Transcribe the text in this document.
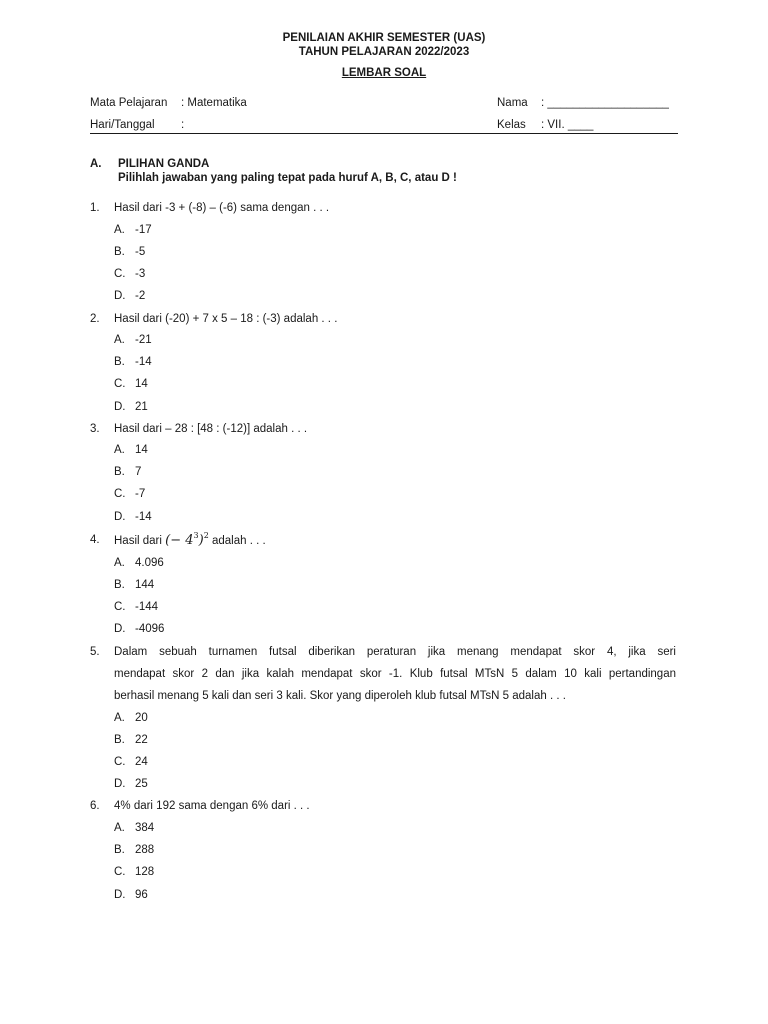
PENILAIAN AKHIR SEMESTER (UAS)
TAHUN PELAJARAN 2022/2023
LEMBAR SOAL
Mata Pelajaran : Matematika
Hari/Tanggal :
Nama : ___________________
Kelas : VII. ____
A. PILIHAN GANDA
Pilihlah jawaban yang paling tepat pada huruf A, B, C, atau D !
1. Hasil dari -3 + (-8) – (-6) sama dengan . . .
A. -17
B. -5
C. -3
D. -2
2. Hasil dari (-20) + 7 x 5 – 18 : (-3) adalah . . .
A. -21
B. -14
C. 14
D. 21
3. Hasil dari – 28 : [48 : (-12)] adalah . . .
A. 14
B. 7
C. -7
D. -14
4. Hasil dari (− $4^3)^2$ adalah . . .
A. 4.096
B. 144
C. -144
D. -4096
5. Dalam sebuah turnamen futsal diberikan peraturan jika menang mendapat skor 4, jika seri
mendapat skor 2 dan jika kalah mendapat skor -1. Klub futsal MTsN 5 dalam 10 kali pertandingan
berhasil menang 5 kali dan seri 3 kali. Skor yang diperoleh klub futsal MTsN 5 adalah . . .
A. 20
B. 22
C. 24
D. 25
6. 4% dari 192 sama dengan 6% dari . . .
A. 384
B. 288
C. 128
D. 96
